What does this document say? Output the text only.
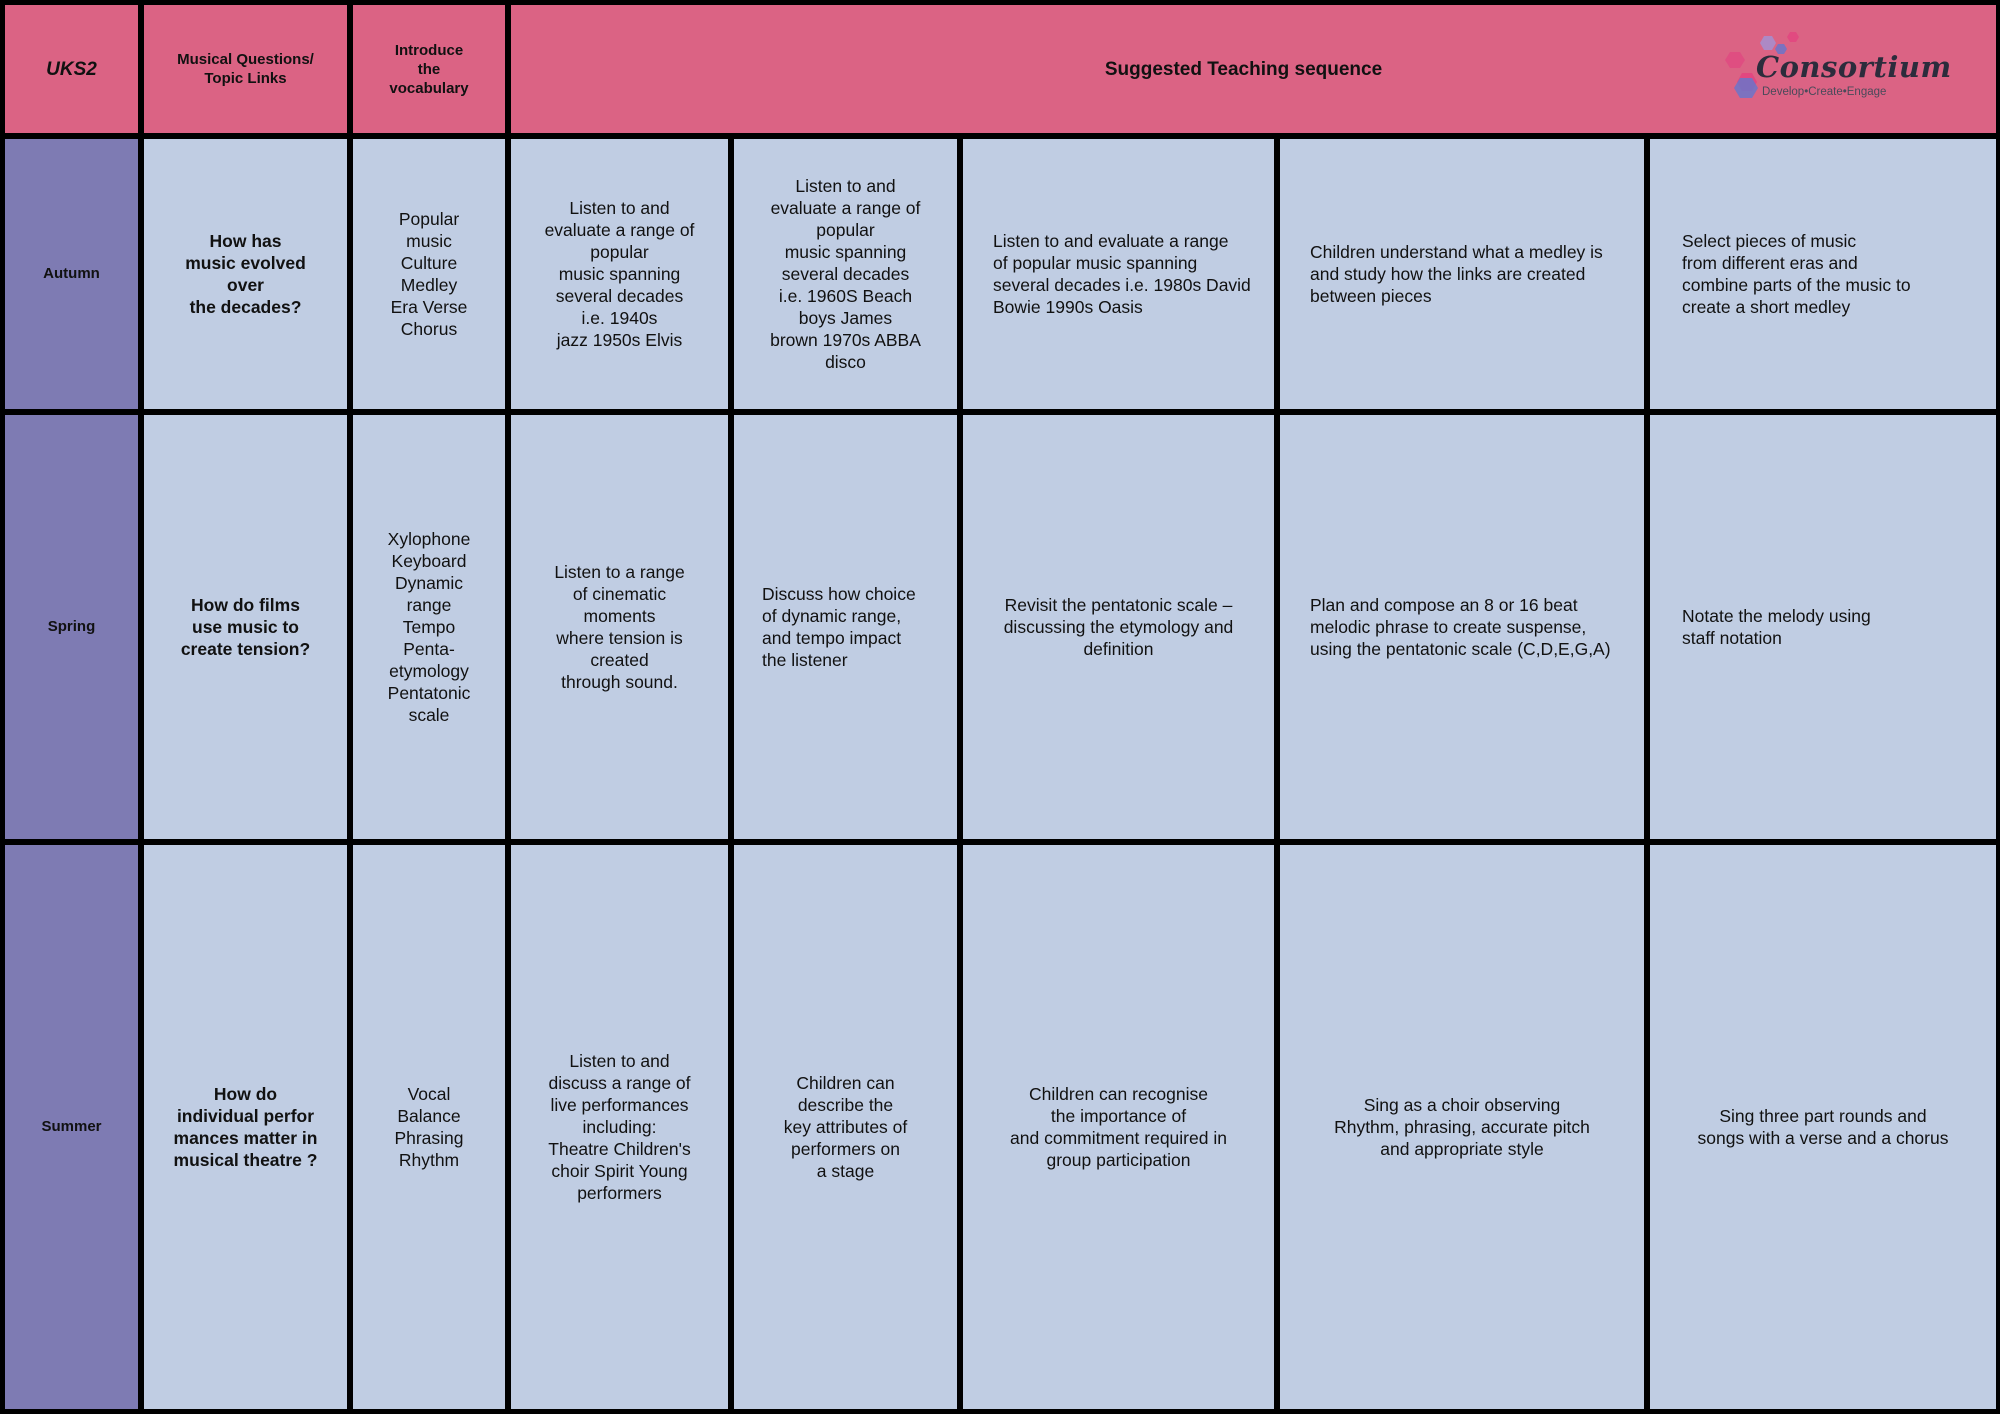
UKS2	Musical Questions/
Topic Links
Introduce
the
vocabulary
Suggested Teaching sequence	Consortium
Develop•Create•Engage
Autumn
How has
music evolved
over
the decades?
Popular
music
Culture
Medley
Era Verse
Chorus
Listen to and
evaluate a range of
popular
music spanning
several decades
i.e. 1940s
jazz 1950s Elvis
Listen to and
evaluate a range of
popular
music spanning
several decades
i.e. 1960S Beach
boys James
brown 1970s ABBA
disco
Listen to and evaluate a range
of popular music spanning
several decades i.e. 1980s David
Bowie 1990s Oasis
Children understand what a medley is
and study how the links are created
between pieces
Select pieces of music
from different eras and
combine parts of the music to
create a short medley
Spring
How do films
use music to
create tension?
Xylophone
Keyboard
Dynamic
range
Tempo
Penta-
etymology
Pentatonic
scale
Listen to a range
of cinematic
moments
where tension is
created
through sound.
Discuss how choice
of dynamic range,
and tempo impact
the listener
Revisit the pentatonic scale –
discussing the etymology and
definition
Plan and compose an 8 or 16 beat
melodic phrase to create suspense,
using the pentatonic scale (C,D,E,G,A)
Notate the melody using
staff notation
Summer
How do
individual perfor
mances matter in
musical theatre ?
Vocal
Balance
Phrasing
Rhythm
Listen to and
discuss a range of
live performances
including:
Theatre Children's
choir Spirit Young
performers
Children can
describe the
key attributes of
performers on
a stage
Children can recognise
the importance of
and commitment required in
group participation
Sing as a choir observing
Rhythm, phrasing, accurate pitch
and appropriate style
Sing three part rounds and
songs with a verse and a chorus
